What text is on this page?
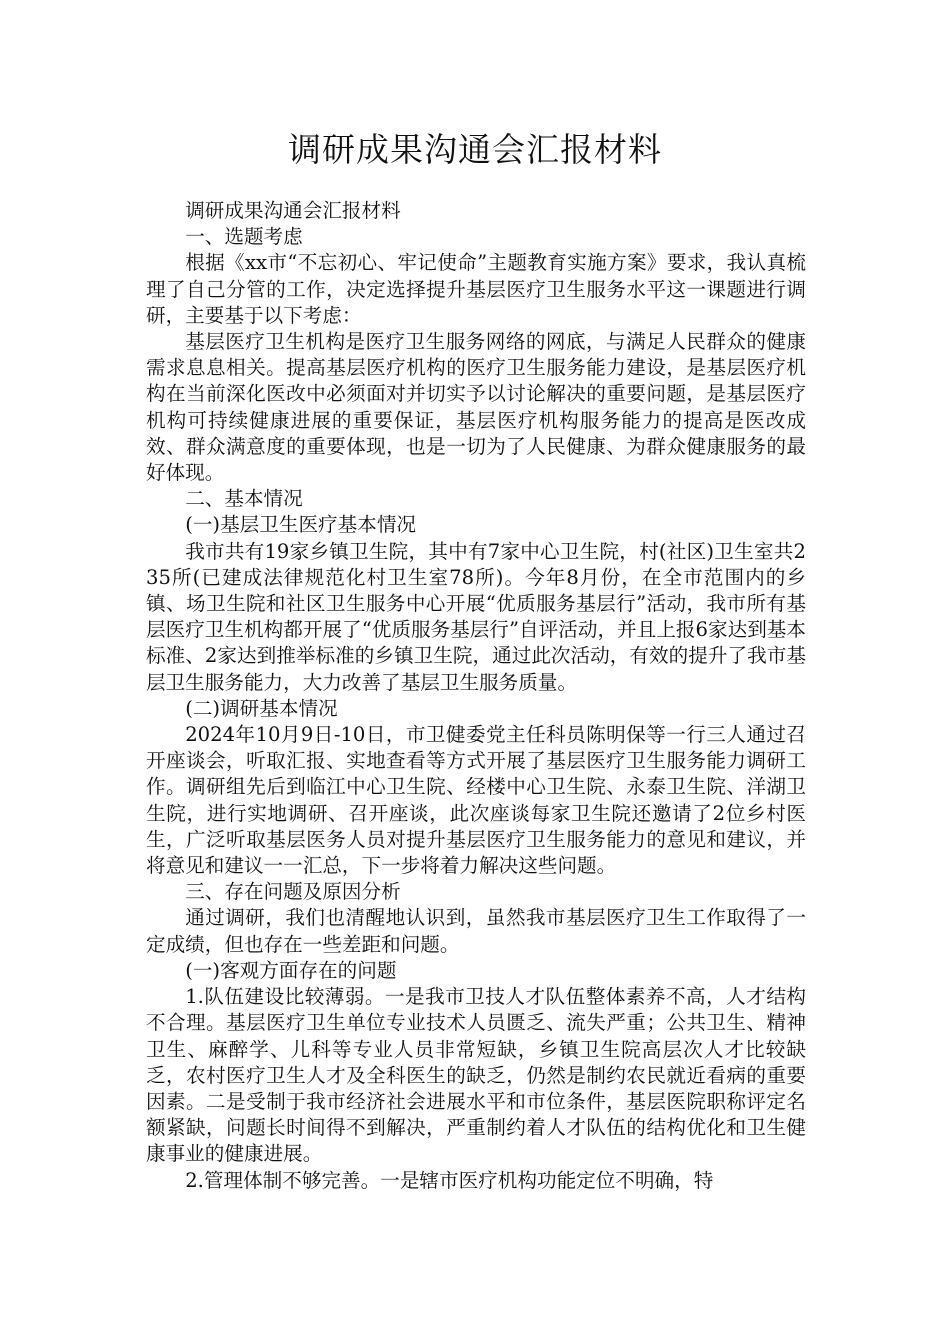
调研成果沟通会汇报材料

调研成果沟通会汇报材料

一、选题考虑

根据《xx市“不忘初心、牢记使命”主题教育实施方案》要求，我认真梳理了自己分管的工作，决定选择提升基层医疗卫生服务水平这一课题进行调研，主要基于以下考虑：

基层医疗卫生机构是医疗卫生服务网络的网底，与满足人民群众的健康需求息息相关。提高基层医疗机构的医疗卫生服务能力建设，是基层医疗机构在当前深化医改中必须面对并切实予以讨论解决的重要问题，是基层医疗机构可持续健康进展的重要保证，基层医疗机构服务能力的提高是医改成效、群众满意度的重要体现，也是一切为了人民健康、为群众健康服务的最好体现。

二、基本情况

(一)基层卫生医疗基本情况

我市共有19家乡镇卫生院，其中有7家中心卫生院，村(社区)卫生室共235所(已建成法律规范化村卫生室78所)。今年8月份，在全市范围内的乡镇、场卫生院和社区卫生服务中心开展“优质服务基层行”活动，我市所有基层医疗卫生机构都开展了“优质服务基层行”自评活动，并且上报6家达到基本标准、2家达到推举标准的乡镇卫生院，通过此次活动，有效的提升了我市基层卫生服务能力，大力改善了基层卫生服务质量。

(二)调研基本情况

2024年10月9日-10日，市卫健委党主任科员陈明保等一行三人通过召开座谈会，听取汇报、实地查看等方式开展了基层医疗卫生服务能力调研工作。调研组先后到临江中心卫生院、经楼中心卫生院、永泰卫生院、洋湖卫生院，进行实地调研、召开座谈，此次座谈每家卫生院还邀请了2位乡村医生，广泛听取基层医务人员对提升基层医疗卫生服务能力的意见和建议，并将意见和建议一一汇总，下一步将着力解决这些问题。

三、存在问题及原因分析

通过调研，我们也清醒地认识到，虽然我市基层医疗卫生工作取得了一定成绩，但也存在一些差距和问题。

(一)客观方面存在的问题

1.队伍建设比较薄弱。一是我市卫技人才队伍整体素养不高，人才结构不合理。基层医疗卫生单位专业技术人员匮乏、流失严重；公共卫生、精神卫生、麻醉学、儿科等专业人员非常短缺，乡镇卫生院高层次人才比较缺乏，农村医疗卫生人才及全科医生的缺乏，仍然是制约农民就近看病的重要因素。二是受制于我市经济社会进展水平和市位条件，基层医院职称评定名额紧缺，问题长时间得不到解决，严重制约着人才队伍的结构优化和卫生健康事业的健康进展。

2.管理体制不够完善。一是辖市医疗机构功能定位不明确，特
